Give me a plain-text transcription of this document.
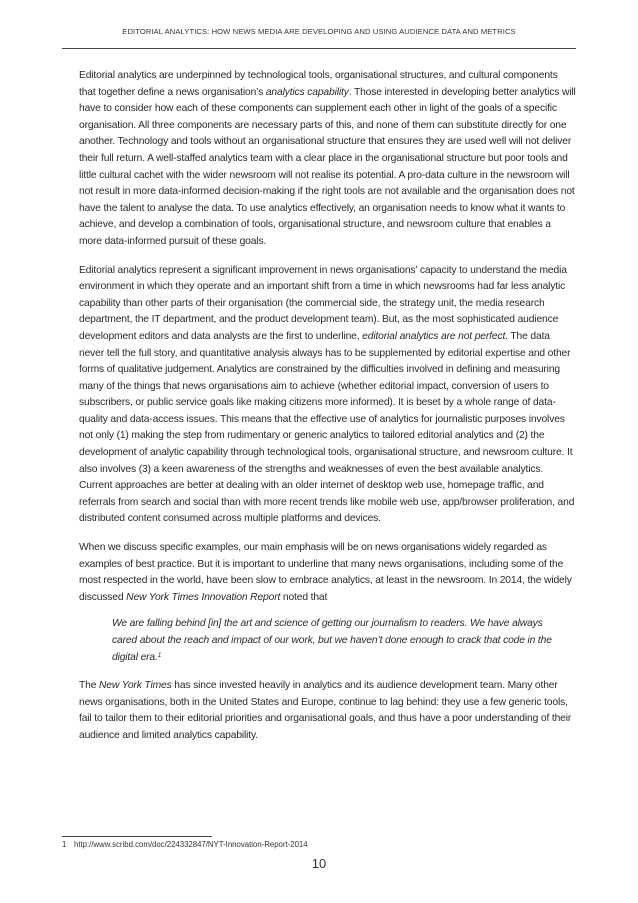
EDITORIAL ANALYTICS: HOW NEWS MEDIA ARE DEVELOPING AND USING AUDIENCE DATA AND METRICS

Editorial analytics are underpinned by technological tools, organisational structures, and cultural components that together define a news organisation’s analytics capability. Those interested in developing better analytics will have to consider how each of these components can supplement each other in light of the goals of a specific organisation. All three components are necessary parts of this, and none of them can substitute directly for one another. Technology and tools without an organisational structure that ensures they are used well will not deliver their full return. A well-staffed analytics team with a clear place in the organisational structure but poor tools and little cultural cachet with the wider newsroom will not realise its potential. A pro-data culture in the newsroom will not result in more data-informed decision-making if the right tools are not available and the organisation does not have the talent to analyse the data. To use analytics effectively, an organisation needs to know what it wants to achieve, and develop a combination of tools, organisational structure, and newsroom culture that enables a more data-informed pursuit of these goals.

Editorial analytics represent a significant improvement in news organisations’ capacity to understand the media environment in which they operate and an important shift from a time in which newsrooms had far less analytic capability than other parts of their organisation (the commercial side, the strategy unit, the media research department, the IT department, and the product development team). But, as the most sophisticated audience development editors and data analysts are the first to underline, editorial analytics are not perfect. The data never tell the full story, and quantitative analysis always has to be supplemented by editorial expertise and other forms of qualitative judgement. Analytics are constrained by the difficulties involved in defining and measuring many of the things that news organisations aim to achieve (whether editorial impact, conversion of users to subscribers, or public service goals like making citizens more informed). It is beset by a whole range of data-quality and data-access issues. This means that the effective use of analytics for journalistic purposes involves not only (1) making the step from rudimentary or generic analytics to tailored editorial analytics and (2) the development of analytic capability through technological tools, organisational structure, and newsroom culture. It also involves (3) a keen awareness of the strengths and weaknesses of even the best available analytics. Current approaches are better at dealing with an older internet of desktop web use, homepage traffic, and referrals from search and social than with more recent trends like mobile web use, app/browser proliferation, and distributed content consumed across multiple platforms and devices.

When we discuss specific examples, our main emphasis will be on news organisations widely regarded as examples of best practice. But it is important to underline that many news organisations, including some of the most respected in the world, have been slow to embrace analytics, at least in the newsroom. In 2014, the widely discussed New York Times Innovation Report noted that

We are falling behind [in] the art and science of getting our journalism to readers. We have always cared about the reach and impact of our work, but we haven’t done enough to crack that code in the digital era.$^1$

The New York Times has since invested heavily in analytics and its audience development team. Many other news organisations, both in the United States and Europe, continue to lag behind: they use a few generic tools, fail to tailor them to their editorial priorities and organisational goals, and thus have a poor understanding of their audience and limited analytics capability.

1 http://www.scribd.com/doc/224332847/NYT-Innovation-Report-2014
10
